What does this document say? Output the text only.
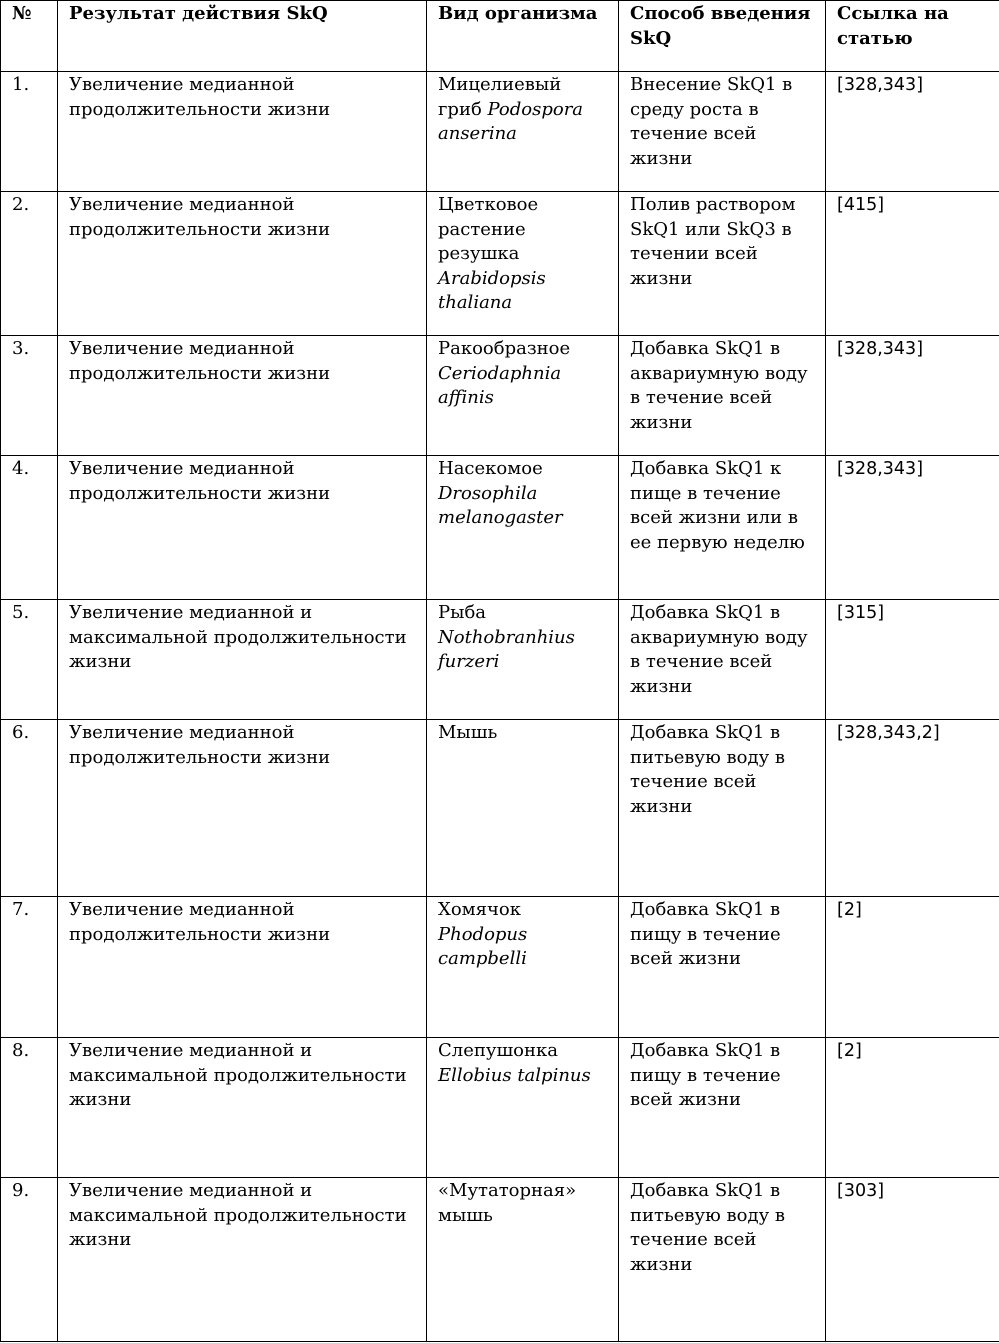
№	Результат действия SkQ	Вид организма	Способ введения SkQ	Ссылка на статью
1.	Увеличение медианной продолжительности жизни	Мицелиевый гриб Podospora anserina	Внесение SkQ1 в среду роста в течение всей жизни	[328,343]
2.	Увеличение медианной продолжительности жизни	Цветковое растение резушка Arabidopsis thaliana	Полив раствором SkQ1 или SkQ3 в течении всей жизни	[415]
3.	Увеличение медианной продолжительности жизни	Ракообразное Ceriodaphnia affinis	Добавка SkQ1 в аквариумную воду в течение всей жизни	[328,343]
4.	Увеличение медианной продолжительности жизни	Насекомое Drosophila melanogaster	Добавка SkQ1 к пище в течение всей жизни или в ее первую неделю	[328,343]
5.	Увеличение медианной и максимальной продолжительности жизни	Рыба Nothobranhius furzeri	Добавка SkQ1 в аквариумную воду в течение всей жизни	[315]
6.	Увеличение медианной продолжительности жизни	Мышь	Добавка SkQ1 в питьевую воду в течение всей жизни	[328,343,2]
7.	Увеличение медианной продолжительности жизни	Хомячок Phodopus campbelli	Добавка SkQ1 в пищу в течение всей жизни	[2]
8.	Увеличение медианной и максимальной продолжительности жизни	Слепушонка Ellobius talpinus	Добавка SkQ1 в пищу в течение всей жизни	[2]
9.	Увеличение медианной и максимальной продолжительности жизни	«Мутаторная» мышь	Добавка SkQ1 в питьевую воду в течение всей жизни	[303]
